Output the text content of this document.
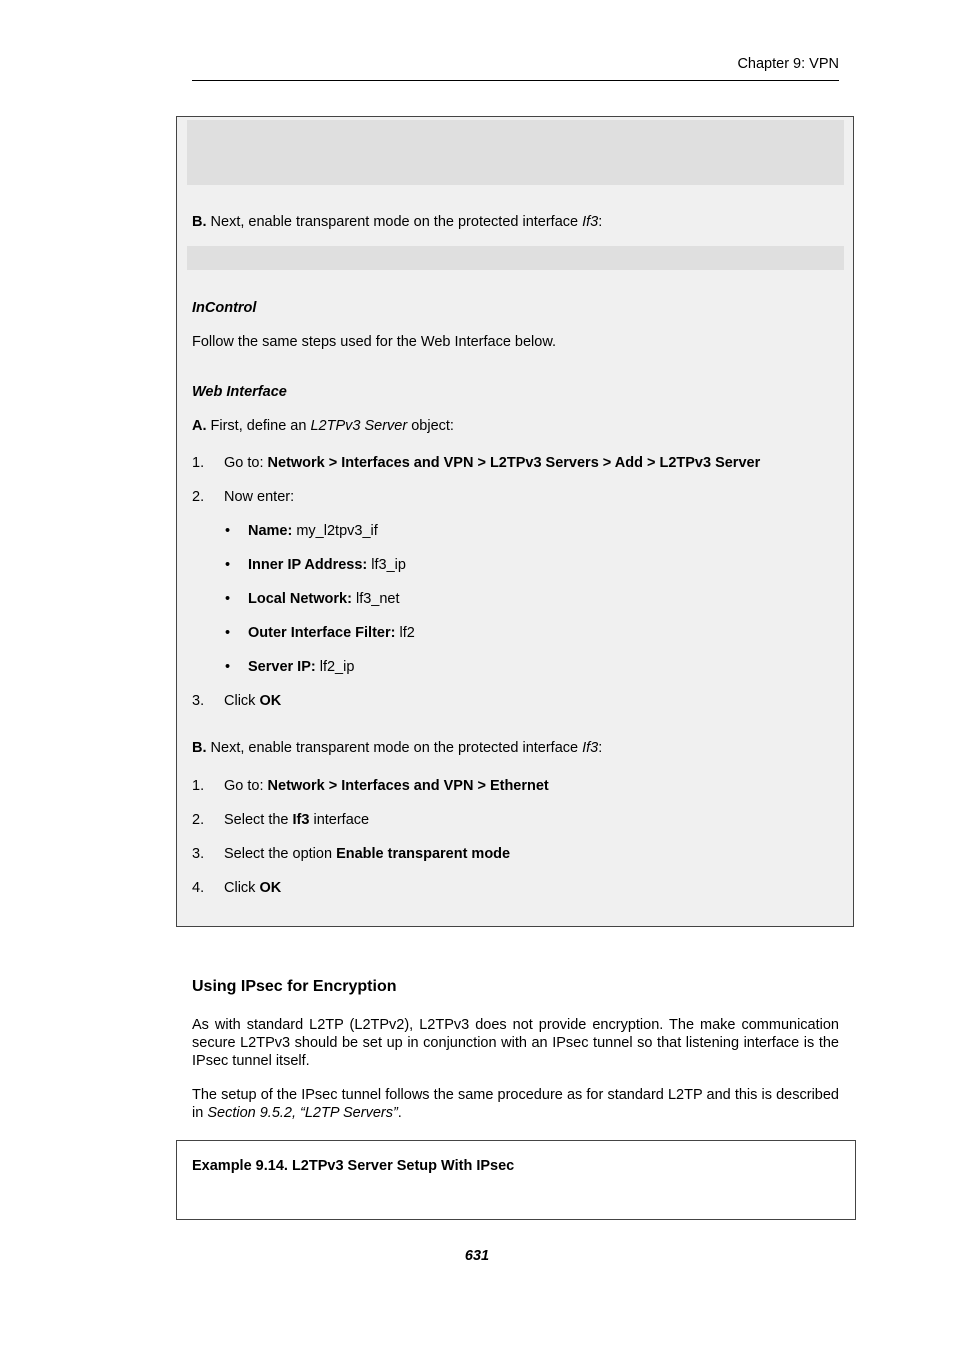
Chapter 9: VPN
B. Next, enable transparent mode on the protected interface If3:
InControl
Follow the same steps used for the Web Interface below.
Web Interface
A. First, define an L2TPv3 Server object:
1. Go to: Network > Interfaces and VPN > L2TPv3 Servers > Add > L2TPv3 Server
2. Now enter:
• Name: my_l2tpv3_if
• Inner IP Address: lf3_ip
• Local Network: lf3_net
• Outer Interface Filter: lf2
• Server IP: lf2_ip
3. Click OK
B. Next, enable transparent mode on the protected interface If3:
1. Go to: Network > Interfaces and VPN > Ethernet
2. Select the If3 interface
3. Select the option Enable transparent mode
4. Click OK
Using IPsec for Encryption
As with standard L2TP (L2TPv2), L2TPv3 does not provide encryption. The make communication secure L2TPv3 should be set up in conjunction with an IPsec tunnel so that listening interface is the IPsec tunnel itself.
The setup of the IPsec tunnel follows the same procedure as for standard L2TP and this is described in Section 9.5.2, “L2TP Servers”.
Example 9.14. L2TPv3 Server Setup With IPsec
631
